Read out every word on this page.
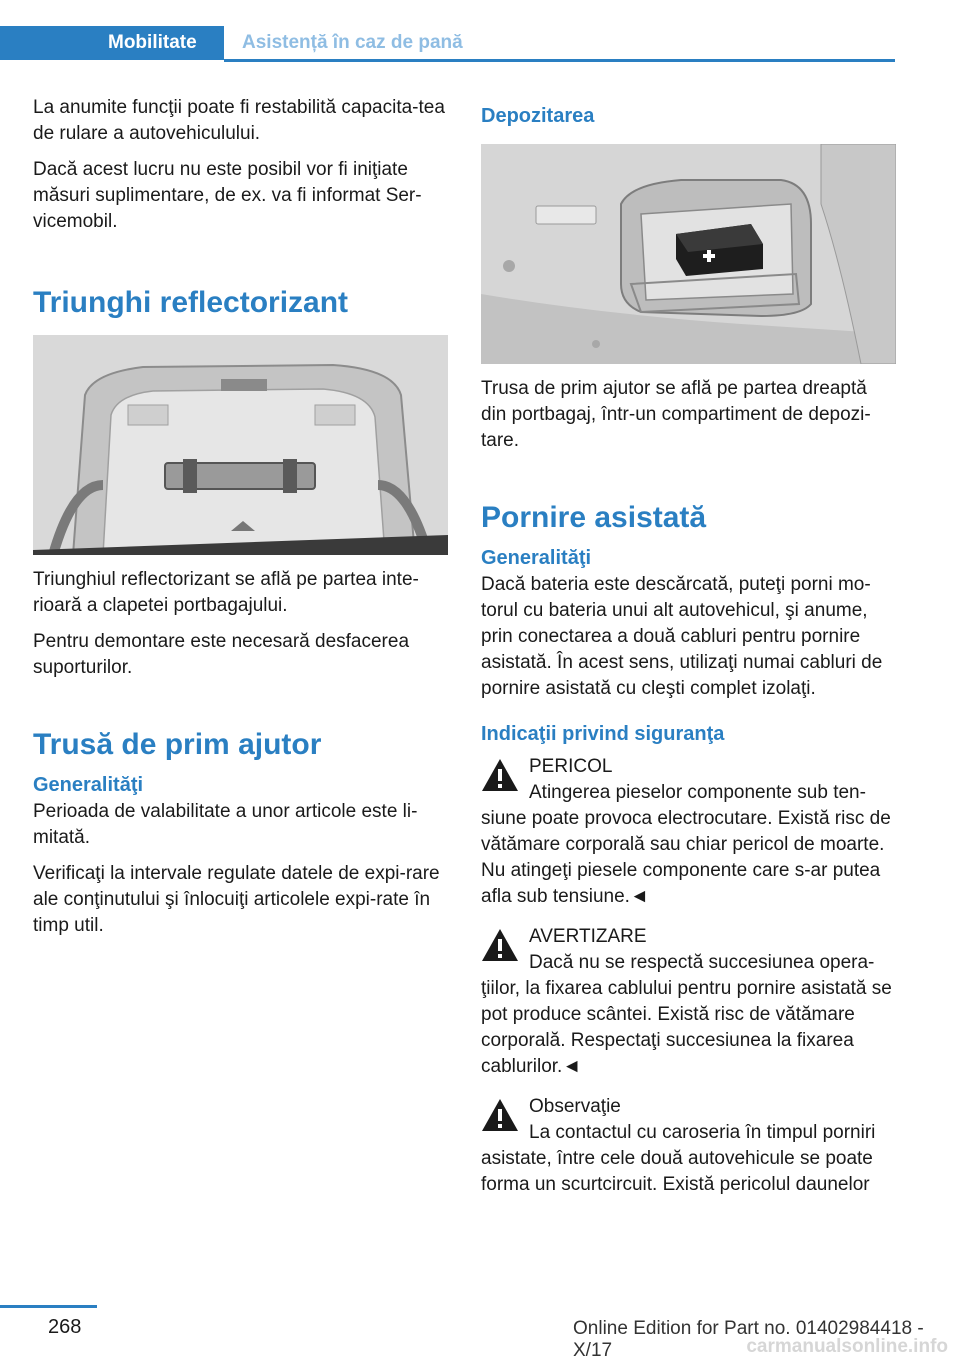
Mobilitate	Asistență în caz de pană

La anumite funcţii poate fi restabilită capacita-tea de rulare a autovehiculului.

Dacă acest lucru nu este posibil vor fi iniţiate măsuri suplimentare, de ex. va fi informat Ser-vicemobil.

Triunghi reflectorizant

Triunghiul reflectorizant se află pe partea inte-rioară a clapetei portbagajului.

Pentru demontare este necesară desfacerea suporturilor.

Trusă de prim ajutor
Generalităţi

Perioada de valabilitate a unor articole este li-mitată.

Verificaţi la intervale regulate datele de expi-rare ale conţinutului şi înlocuiţi articolele expi-rate în timp util.

Depozitarea

Trusa de prim ajutor se află pe partea dreaptă din portbagaj, într-un compartiment de depozi-tare.

Pornire asistată
Generalităţi

Dacă bateria este descărcată, puteţi porni mo-torul cu bateria unui alt autovehicul, şi anume, prin conectarea a două cabluri pentru pornire asistată. În acest sens, utilizaţi numai cabluri de pornire asistată cu cleşti complet izolaţi.

Indicaţii privind siguranţa
PERICOL
Atingerea pieselor componente sub ten-
siune poate provoca electrocutare. Există risc de vătămare corporală sau chiar pericol de moarte. Nu atingeţi piesele componente care s-ar putea afla sub tensiune.◄
AVERTIZARE
Dacă nu se respectă succesiunea opera-
ţiilor, la fixarea cablului pentru pornire asistată se pot produce scântei. Există risc de vătămare corporală. Respectaţi succesiunea la fixarea cablurilor.◄
Observaţie
La contactul cu caroseria în timpul porniri
asistate, între cele două autovehicule se poate forma un scurtcircuit. Există pericolul daunelor
268	Online Edition for Part no. 01402984418 - X/17	carmanualsonline.info
